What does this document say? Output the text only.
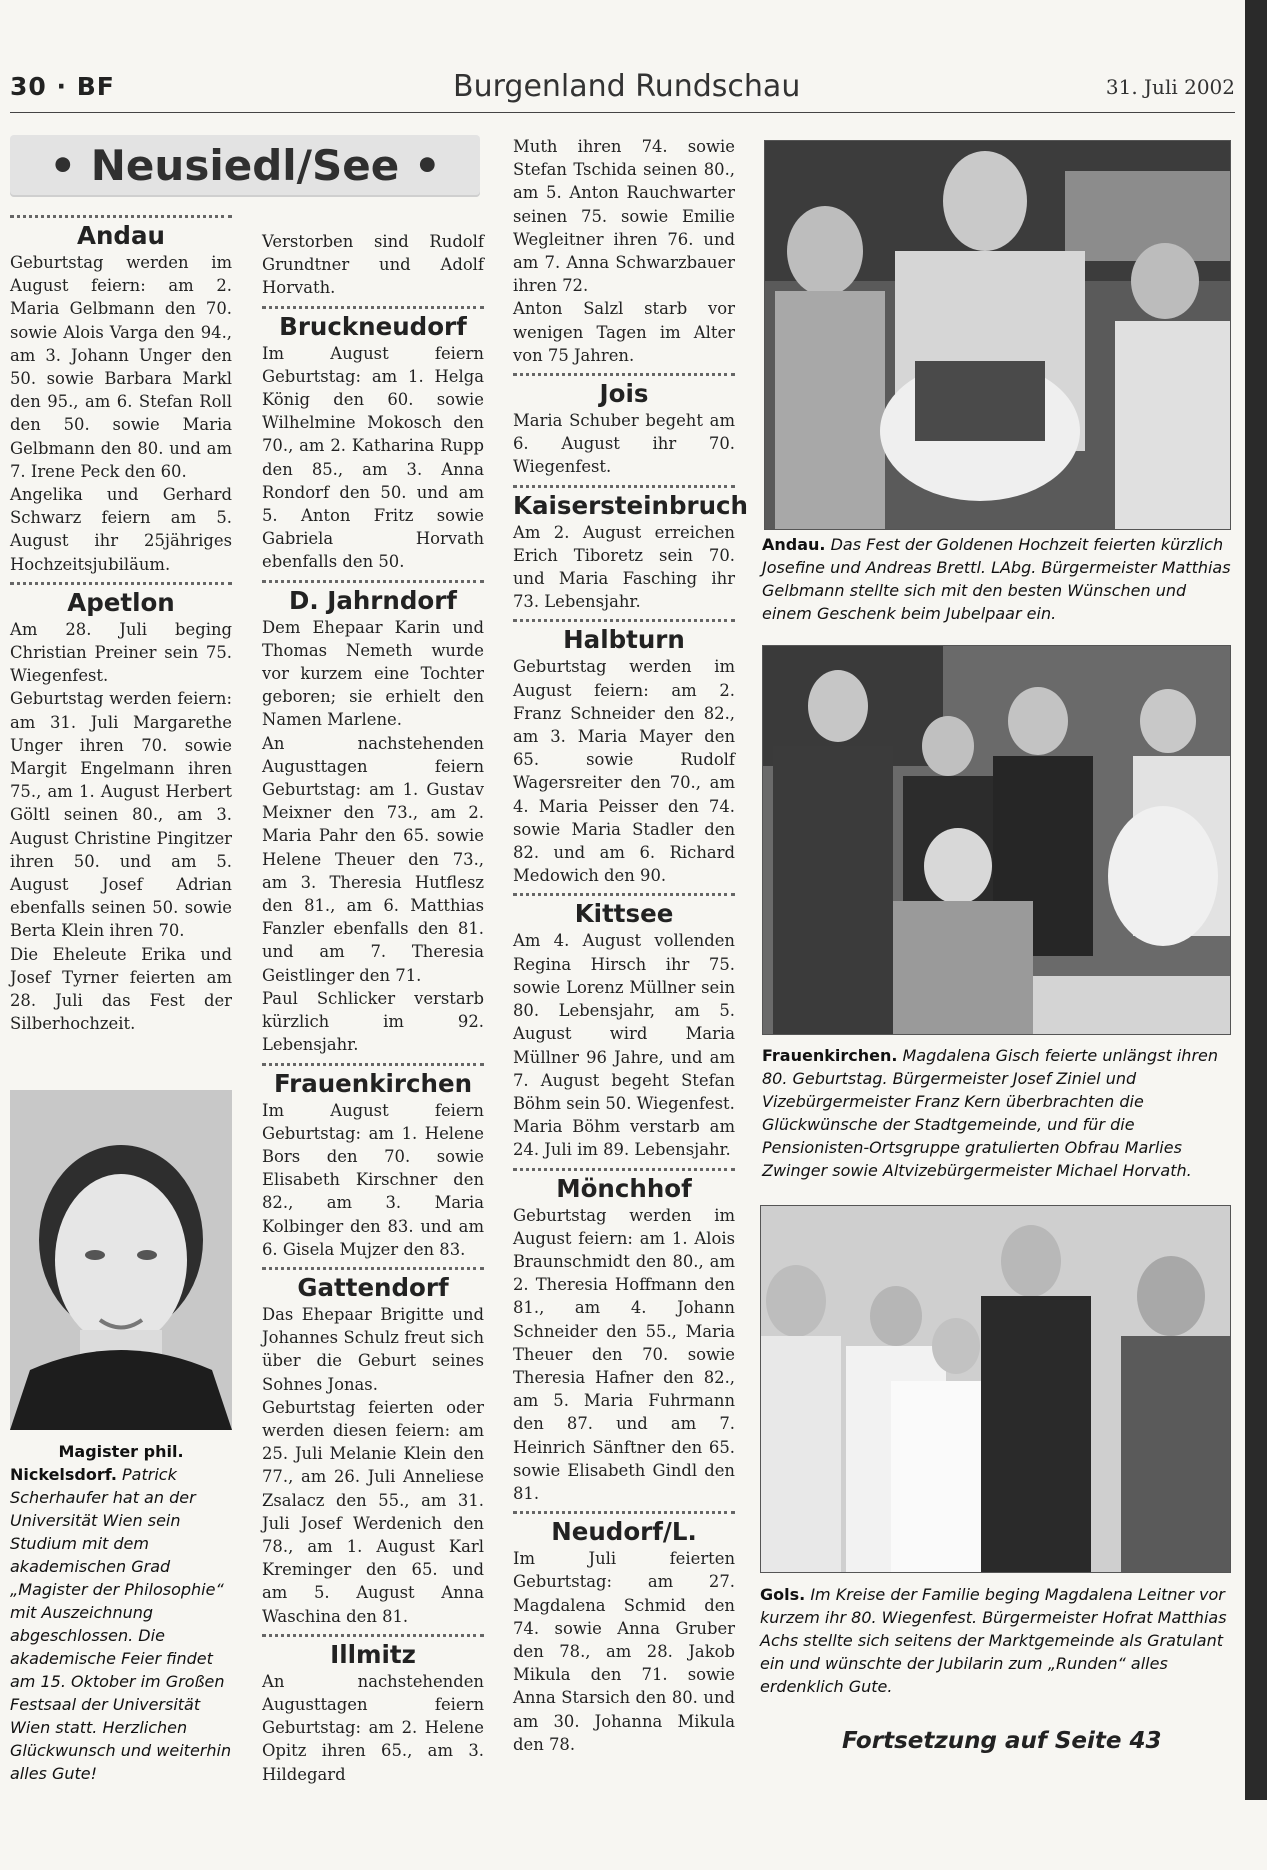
30 · BF	Burgenland Rundschau	31. Juli 2002
• Neusiedl/See •
Andau

Geburtstag werden im August feiern: am 2. Maria Gelbmann den 70. sowie Alois Varga den 94., am 3. Johann Unger den 50. sowie Barbara Markl den 95., am 6. Stefan Roll den 50. sowie Maria Gelbmann den 80. und am 7. Irene Peck den 60.

Angelika und Gerhard Schwarz feiern am 5. August ihr 25jähriges Hochzeitsjubiläum.

Apetlon

Am 28. Juli beging Christian Preiner sein 75. Wiegenfest.

Geburtstag werden feiern: am 31. Juli Margarethe Unger ihren 70. sowie Margit Engelmann ihren 75., am 1. August Herbert Göltl seinen 80., am 3. August Christine Pingitzer ihren 50. und am 5. August Josef Adrian ebenfalls seinen 50. sowie Berta Klein ihren 70.

Die Eheleute Erika und Josef Tyrner feierten am 28. Juli das Fest der Silberhochzeit.

Magister phil.
Nickelsdorf. Patrick Scherhaufer hat an der Universität Wien sein Studium mit dem akademischen Grad „Magister der Philosophie“ mit Auszeichnung abgeschlossen. Die akademische Feier findet am 15. Oktober im Großen Festsaal der Universität Wien statt. Herzlichen Glückwunsch und weiterhin alles Gute!

Verstorben sind Rudolf Grundtner und Adolf Horvath.

Bruckneudorf

Im August feiern Geburtstag: am 1. Helga König den 60. sowie Wilhelmine Mokosch den 70., am 2. Katharina Rupp den 85., am 3. Anna Rondorf den 50. und am 5. Anton Fritz sowie Gabriela Horvath ebenfalls den 50.

D. Jahrndorf

Dem Ehepaar Karin und Thomas Nemeth wurde vor kurzem eine Tochter geboren; sie erhielt den Namen Marlene.

An nachstehenden Augusttagen feiern Geburtstag: am 1. Gustav Meixner den 73., am 2. Maria Pahr den 65. sowie Helene Theuer den 73., am 3. Theresia Hutflesz den 81., am 6. Matthias Fanzler ebenfalls den 81. und am 7. Theresia Geistlinger den 71.

Paul Schlicker verstarb kürzlich im 92. Lebensjahr.

Frauenkirchen

Im August feiern Geburtstag: am 1. Helene Bors den 70. sowie Elisabeth Kirschner den 82., am 3. Maria Kolbinger den 83. und am 6. Gisela Mujzer den 83.

Gattendorf

Das Ehepaar Brigitte und Johannes Schulz freut sich über die Geburt seines Sohnes Jonas.

Geburtstag feierten oder werden diesen feiern: am 25. Juli Melanie Klein den 77., am 26. Juli Anneliese Zsalacz den 55., am 31. Juli Josef Werdenich den 78., am 1. August Karl Kreminger den 65. und am 5. August Anna Waschina den 81.

Illmitz

An nachstehenden Augusttagen feiern Geburtstag: am 2. Helene Opitz ihren 65., am 3. Hildegard

Muth ihren 74. sowie Stefan Tschida seinen 80., am 5. Anton Rauchwarter seinen 75. sowie Emilie Wegleitner ihren 76. und am 7. Anna Schwarzbauer ihren 72.

Anton Salzl starb vor wenigen Tagen im Alter von 75 Jahren.

Jois

Maria Schuber begeht am 6. August ihr 70. Wiegenfest.

Kaisersteinbruch

Am 2. August erreichen Erich Tiboretz sein 70. und Maria Fasching ihr 73. Lebensjahr.

Halbturn

Geburtstag werden im August feiern: am 2. Franz Schneider den 82., am 3. Maria Mayer den 65. sowie Rudolf Wagersreiter den 70., am 4. Maria Peisser den 74. sowie Maria Stadler den 82. und am 6. Richard Medowich den 90.

Kittsee

Am 4. August vollenden Regina Hirsch ihr 75. sowie Lorenz Müllner sein 80. Lebensjahr, am 5. August wird Maria Müllner 96 Jahre, und am 7. August begeht Stefan Böhm sein 50. Wiegenfest.

Maria Böhm verstarb am 24. Juli im 89. Lebensjahr.

Mönchhof

Geburtstag werden im August feiern: am 1. Alois Braunschmidt den 80., am 2. Theresia Hoffmann den 81., am 4. Johann Schneider den 55., Maria Theuer den 70. sowie Theresia Hafner den 82., am 5. Maria Fuhrmann den 87. und am 7. Heinrich Sänftner den 65. sowie Elisabeth Gindl den 81.

Neudorf/L.

Im Juli feierten Geburtstag: am 27. Magdalena Schmid den 74. sowie Anna Gruber den 78., am 28. Jakob Mikula den 71. sowie Anna Starsich den 80. und am 30. Johanna Mikula den 78.

Andau. Das Fest der Goldenen Hochzeit feierten kürzlich Josefine und Andreas Brettl. LAbg. Bürgermeister Matthias Gelbmann stellte sich mit den besten Wünschen und einem Geschenk beim Jubelpaar ein.
Frauenkirchen. Magdalena Gisch feierte unlängst ihren 80. Geburtstag. Bürgermeister Josef Ziniel und Vizebürgermeister Franz Kern überbrachten die Glückwünsche der Stadtgemeinde, und für die Pensionisten-Ortsgruppe gratulierten Obfrau Marlies Zwinger sowie Altvizebürgermeister Michael Horvath.
Gols. Im Kreise der Familie beging Magdalena Leitner vor kurzem ihr 80. Wiegenfest. Bürgermeister Hofrat Matthias Achs stellte sich seitens der Marktgemeinde als Gratulant ein und wünschte der Jubilarin zum „Runden“ alles erdenklich Gute.
Fortsetzung auf Seite 43
